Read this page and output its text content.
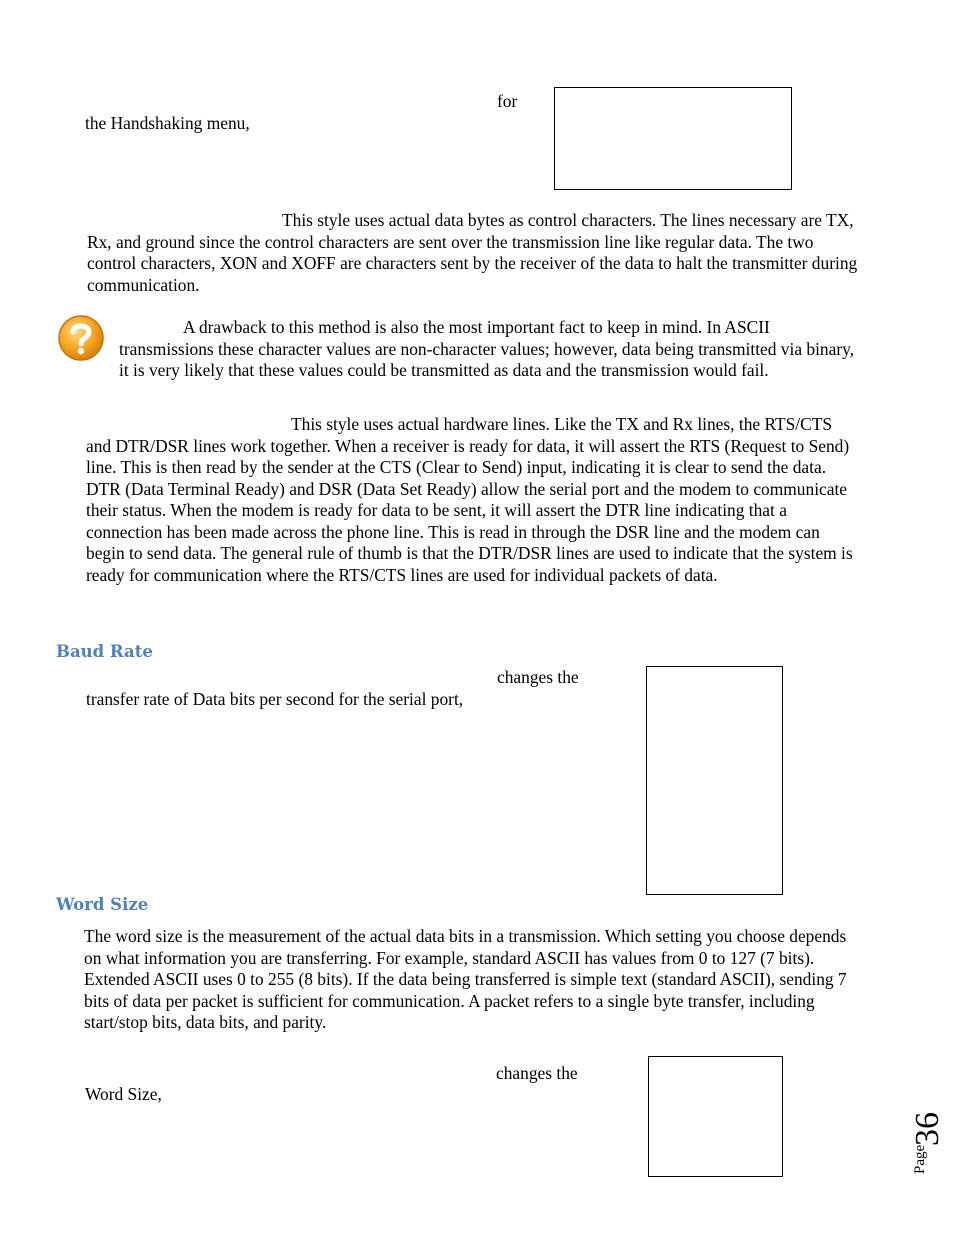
for
the Handshaking menu,
This style uses actual data bytes as control characters. The lines necessary are TX, Rx, and ground since the control characters are sent over the transmission line like regular data. The two control characters, XON and XOFF are characters sent by the receiver of the data to halt the transmitter during communication.
A drawback to this method is also the most important fact to keep in mind. In ASCII transmissions these character values are non-character values; however, data being transmitted via binary, it is very likely that these values could be transmitted as data and the transmission would fail.
This style uses actual hardware lines. Like the TX and Rx lines, the RTS/CTS and DTR/DSR lines work together. When a receiver is ready for data, it will assert the RTS (Request to Send) line. This is then read by the sender at the CTS (Clear to Send) input, indicating it is clear to send the data. DTR (Data Terminal Ready) and DSR (Data Set Ready) allow the serial port and the modem to communicate their status. When the modem is ready for data to be sent, it will assert the DTR line indicating that a connection has been made across the phone line. This is read in through the DSR line and the modem can begin to send data. The general rule of thumb is that the DTR/DSR lines are used to indicate that the system is ready for communication where the RTS/CTS lines are used for individual packets of data.
Baud Rate
changes the
transfer rate of Data bits per second for the serial port,
Word Size
The word size is the measurement of the actual data bits in a transmission. Which setting you choose depends on what information you are transferring. For example, standard ASCII has values from 0 to 127 (7 bits). Extended ASCII uses 0 to 255 (8 bits). If the data being transferred is simple text (standard ASCII), sending 7 bits of data per packet is sufficient for communication. A packet refers to a single byte transfer, including start/stop bits, data bits, and parity.
changes the
Word Size,
Page
36
